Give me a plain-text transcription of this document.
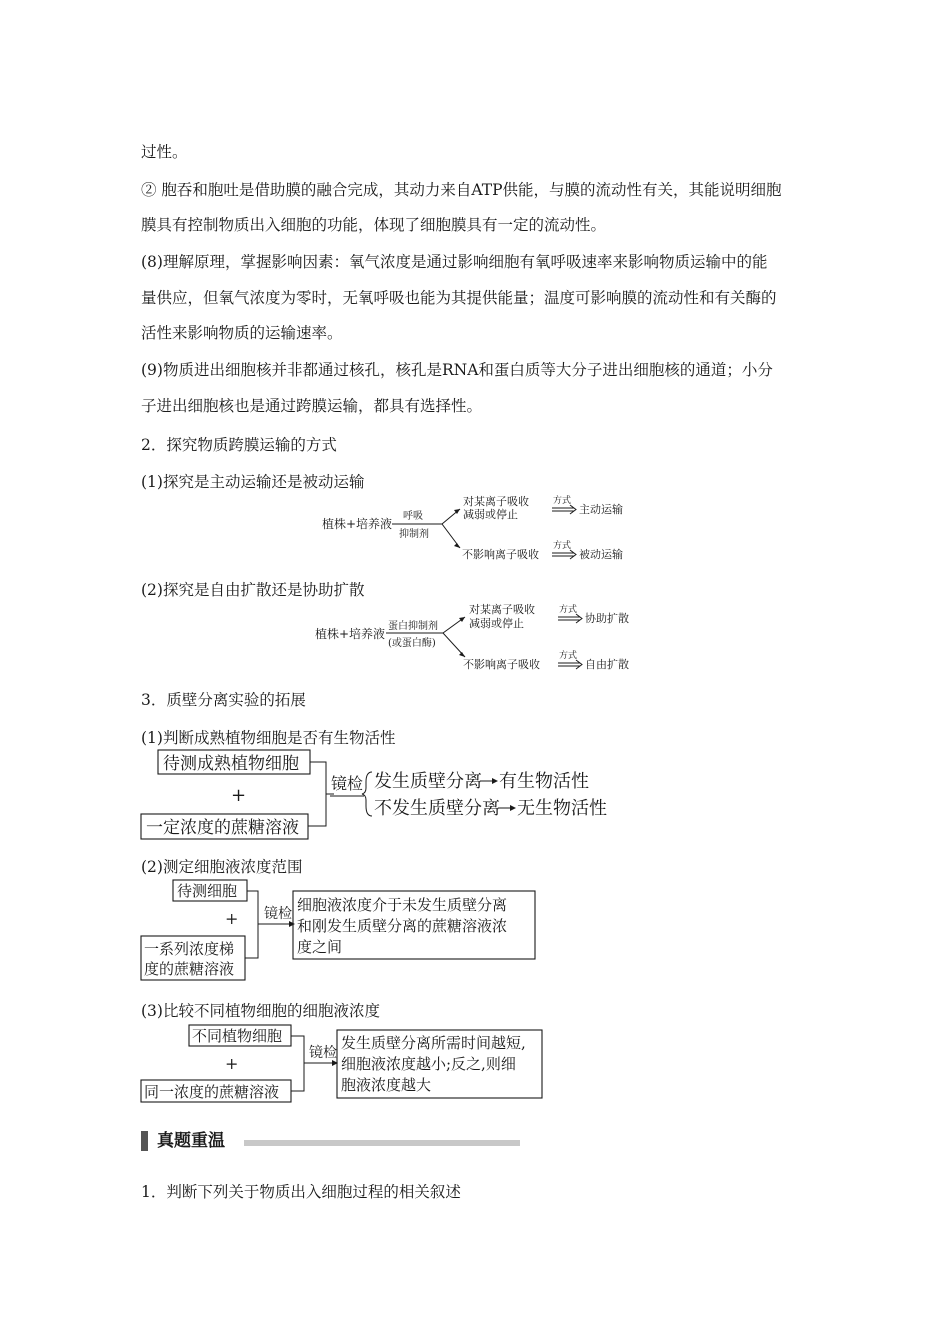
过性。

② 胞吞和胞吐是借助膜的融合完成，其动力来自ATP供能，与膜的流动性有关，其能说明细胞

膜具有控制物质出入细胞的功能，体现了细胞膜具有一定的流动性。

(8)理解原理，掌握影响因素：氧气浓度是通过影响细胞有氧呼吸速率来影响物质运输中的能

量供应，但氧气浓度为零时，无氧呼吸也能为其提供能量；温度可影响膜的流动性和有关酶的

活性来影响物质的运输速率。

(9)物质进出细胞核并非都通过核孔，核孔是RNA和蛋白质等大分子进出细胞核的通道；小分

子进出细胞核也是通过跨膜运输，都具有选择性。

2．探究物质跨膜运输的方式

(1)探究是主动运输还是被动运输

(2)探究是自由扩散还是协助扩散

3．质壁分离实验的拓展

(1)判断成熟植物细胞是否有生物活性

(2)测定细胞液浓度范围

(3)比较不同植物细胞的细胞液浓度

1．判断下列关于物质出入细胞过程的相关叙述

植株+培养液
呼吸
抑制剂
对某离子吸收
减弱或停止
不影响离子吸收
方式
主动运输
方式
被动运输
植株+培养液
蛋白抑制剂
(或蛋白酶)
对某离子吸收
减弱或停止
不影响离子吸收
方式
协助扩散
方式
自由扩散
待测成熟植物细胞
+
一定浓度的蔗糖溶液
镜检 发生质壁分离 有生物活性
不发生质壁分离 无生物活性
待测细胞
+
一系列浓度梯
度的蔗糖溶液
镜检 细胞液浓度介于未发生质壁分离
和刚发生质壁分离的蔗糖溶液浓
度之间
不同植物细胞
+
同一浓度的蔗糖溶液
镜检
发生质壁分离所需时间越短,
细胞液浓度越小;反之,则细
胞液浓度越大
真题重温
